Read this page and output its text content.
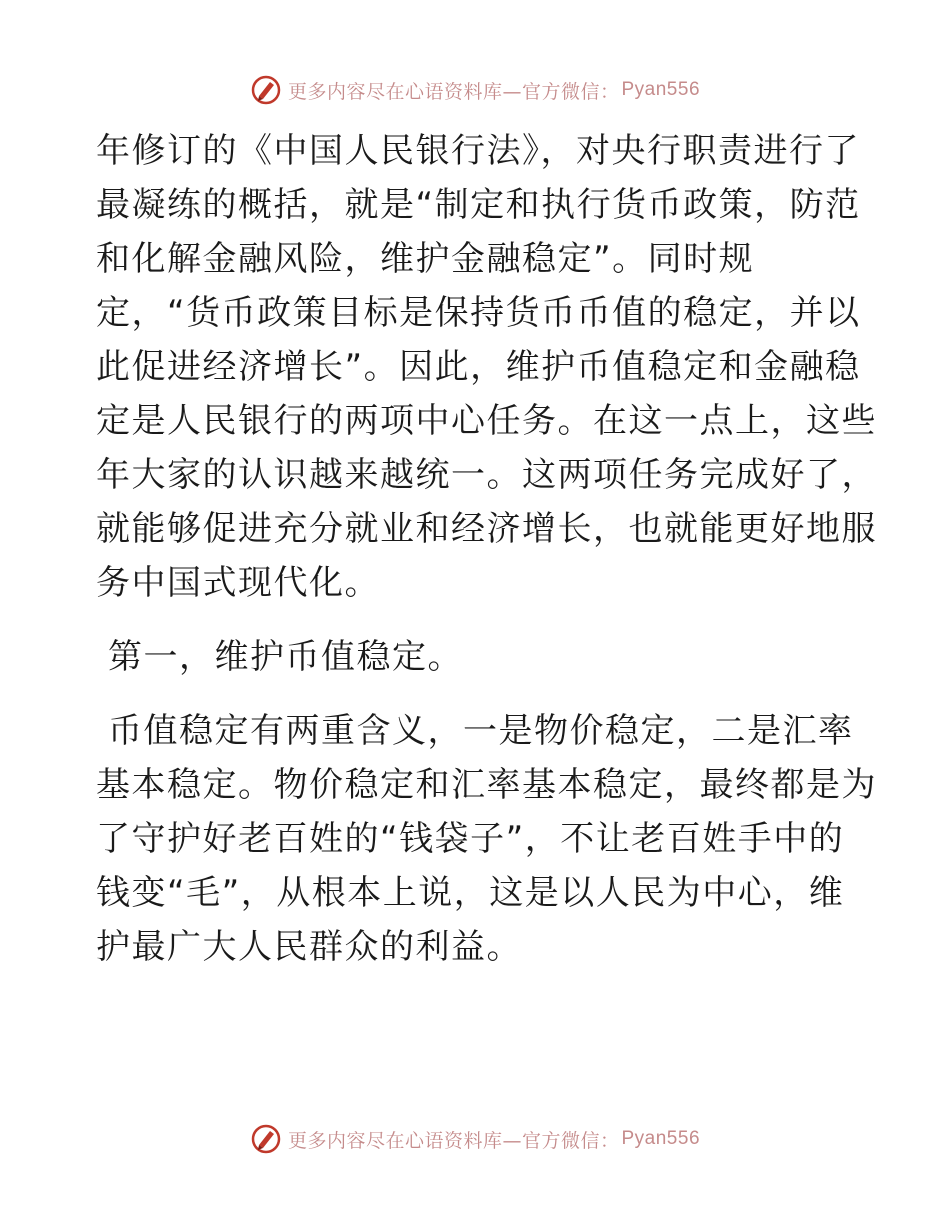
更多内容尽在心语资料库—官方微信： Pyan556
年修订的《中国人民银行法》，对央行职责进行了
最凝练的概括，就是“制定和执行货币政策，防范
和化解金融风险，维护金融稳定”。同时规
定，“货币政策目标是保持货币币值的稳定，并以
此促进经济增长”。因此，维护币值稳定和金融稳
定是人民银行的两项中心任务。在这一点上，这些
年大家的认识越来越统一。这两项任务完成好了，
就能够促进充分就业和经济增长，也就能更好地服
务中国式现代化。
第一，维护币值稳定。
币值稳定有两重含义，一是物价稳定，二是汇率
基本稳定。物价稳定和汇率基本稳定，最终都是为
了守护好老百姓的“钱袋子”，不让老百姓手中的
钱变“毛”，从根本上说，这是以人民为中心，维
护最广大人民群众的利益。
更多内容尽在心语资料库—官方微信： Pyan556
